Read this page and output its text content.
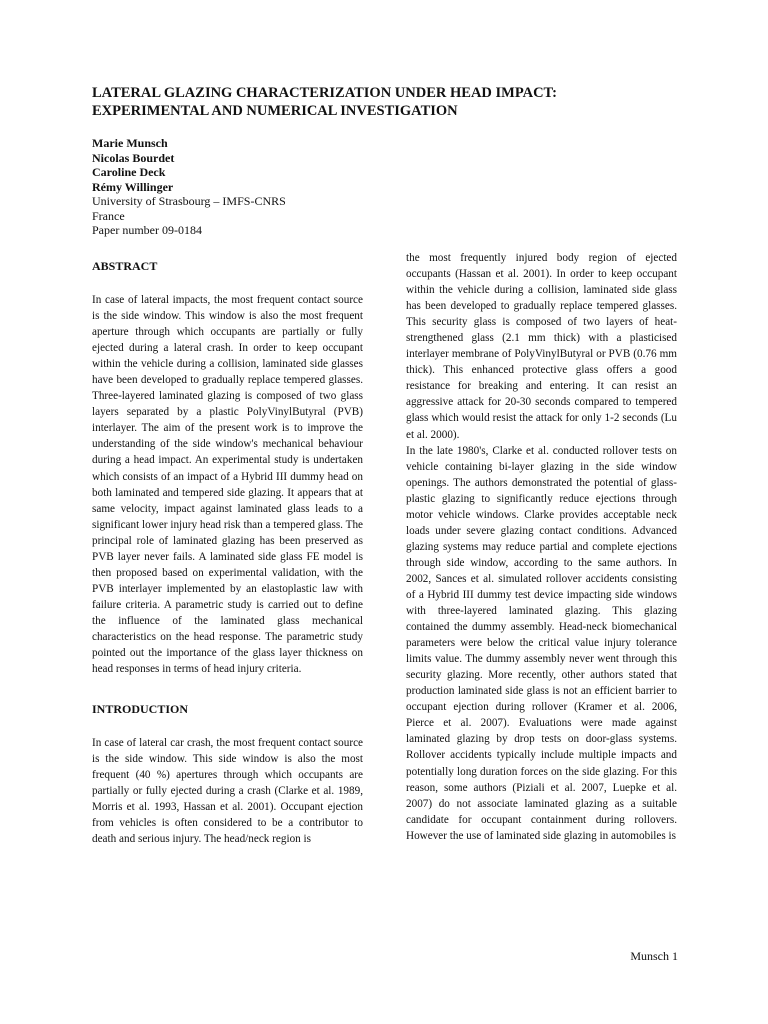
LATERAL GLAZING CHARACTERIZATION UNDER HEAD IMPACT:
EXPERIMENTAL AND NUMERICAL INVESTIGATION
Marie Munsch
Nicolas Bourdet
Caroline Deck
Rémy Willinger
University of Strasbourg – IMFS-CNRS
France
Paper number 09-0184
ABSTRACT

In case of lateral impacts, the most frequent contact source is the side window. This window is also the most frequent aperture through which occupants are partially or fully ejected during a lateral crash. In order to keep occupant within the vehicle during a collision, laminated side glasses have been developed to gradually replace tempered glasses. Three-layered laminated glazing is composed of two glass layers separated by a plastic PolyVinylButyral (PVB) interlayer. The aim of the present work is to improve the understanding of the side window's mechanical behaviour during a head impact. An experimental study is undertaken which consists of an impact of a Hybrid III dummy head on both laminated and tempered side glazing. It appears that at same velocity, impact against laminated glass leads to a significant lower injury head risk than a tempered glass. The principal role of laminated glazing has been preserved as PVB layer never fails. A laminated side glass FE model is then proposed based on experimental validation, with the PVB interlayer implemented by an elastoplastic law with failure criteria. A parametric study is carried out to define the influence of the laminated glass mechanical characteristics on the head response. The parametric study pointed out the importance of the glass layer thickness on head responses in terms of head injury criteria.

INTRODUCTION

In case of lateral car crash, the most frequent contact source is the side window. This side window is also the most frequent (40 %) apertures through which occupants are partially or fully ejected during a crash (Clarke et al. 1989, Morris et al. 1993, Hassan et al. 2001). Occupant ejection from vehicles is often considered to be a contributor to death and serious injury. The head/neck region is

the most frequently injured body region of ejected occupants (Hassan et al. 2001). In order to keep occupant within the vehicle during a collision, laminated side glass has been developed to gradually replace tempered glasses. This security glass is composed of two layers of heat-strengthened glass (2.1 mm thick) with a plasticised interlayer membrane of PolyVinylButyral or PVB (0.76 mm thick). This enhanced protective glass offers a good resistance for breaking and entering. It can resist an aggressive attack for 20-30 seconds compared to tempered glass which would resist the attack for only 1-2 seconds (Lu et al. 2000).

In the late 1980's, Clarke et al. conducted rollover tests on vehicle containing bi-layer glazing in the side window openings. The authors demonstrated the potential of glass-plastic glazing to significantly reduce ejections through motor vehicle windows. Clarke provides acceptable neck loads under severe glazing contact conditions. Advanced glazing systems may reduce partial and complete ejections through side window, according to the same authors. In 2002, Sances et al. simulated rollover accidents consisting of a Hybrid III dummy test device impacting side windows with three-layered laminated glazing. This glazing contained the dummy assembly. Head-neck biomechanical parameters were below the critical value injury tolerance limits value. The dummy assembly never went through this security glazing. More recently, other authors stated that production laminated side glass is not an efficient barrier to occupant ejection during rollover (Kramer et al. 2006, Pierce et al. 2007). Evaluations were made against laminated glazing by drop tests on door-glass systems. Rollover accidents typically include multiple impacts and potentially long duration forces on the side glazing. For this reason, some authors (Piziali et al. 2007, Luepke et al. 2007) do not associate laminated glazing as a suitable candidate for occupant containment during rollovers. However the use of laminated side glazing in automobiles is

Munsch 1
